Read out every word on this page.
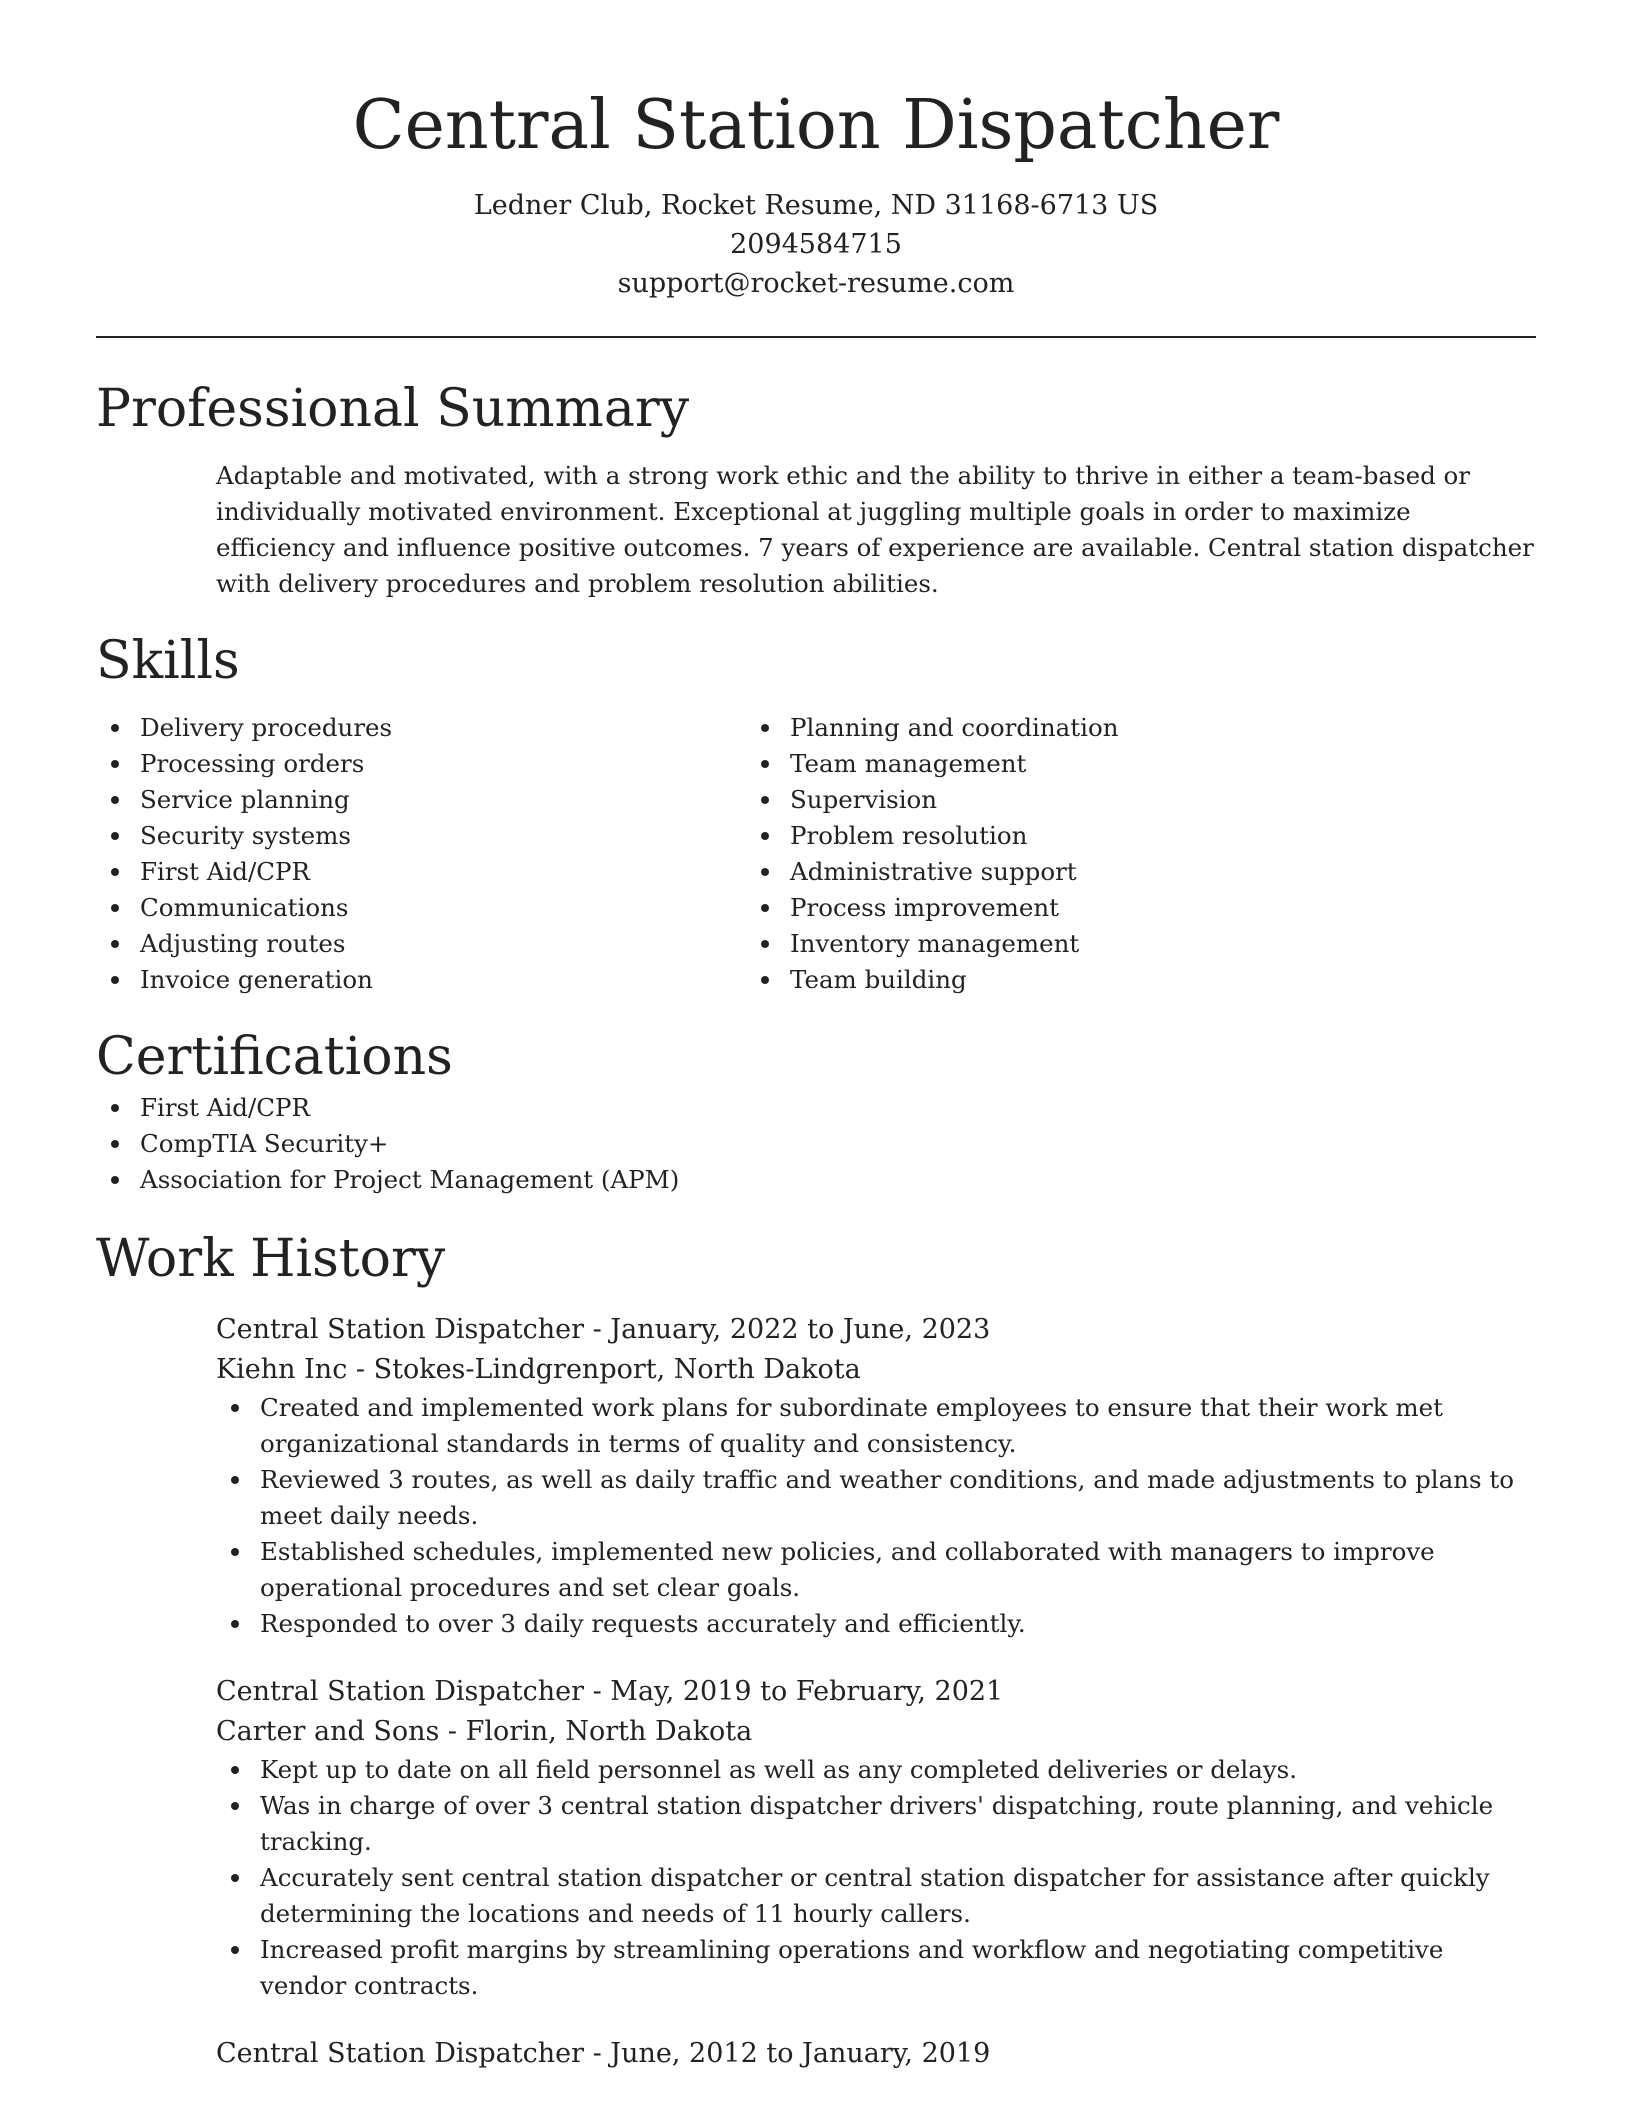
Central Station Dispatcher

Ledner Club, Rocket Resume, ND 31168-6713 US

2094584715

support@rocket-resume.com

Professional Summary

Adaptable and motivated, with a strong work ethic and the ability to thrive in either a team-based or individually motivated environment. Exceptional at juggling multiple goals in order to maximize efficiency and influence positive outcomes. 7 years of experience are available. Central station dispatcher with delivery procedures and problem resolution abilities.

Skills
Delivery procedures
Processing orders
Service planning
Security systems
First Aid/CPR
Communications
Adjusting routes
Invoice generation
Planning and coordination
Team management
Supervision
Problem resolution
Administrative support
Process improvement
Inventory management
Team building
Certifications
First Aid/CPR
CompTIA Security+
Association for Project Management (APM)
Work History

Central Station Dispatcher - January, 2022 to June, 2023

Kiehn Inc - Stokes-Lindgrenport, North Dakota

Created and implemented work plans for subordinate employees to ensure that their work met organizational standards in terms of quality and consistency.
Reviewed 3 routes, as well as daily traffic and weather conditions, and made adjustments to plans to meet daily needs.
Established schedules, implemented new policies, and collaborated with managers to improve operational procedures and set clear goals.
Responded to over 3 daily requests accurately and efficiently.

Central Station Dispatcher - May, 2019 to February, 2021

Carter and Sons - Florin, North Dakota

Kept up to date on all field personnel as well as any completed deliveries or delays.
Was in charge of over 3 central station dispatcher drivers' dispatching, route planning, and vehicle tracking.
Accurately sent central station dispatcher or central station dispatcher for assistance after quickly determining the locations and needs of 11 hourly callers.
Increased profit margins by streamlining operations and workflow and negotiating competitive vendor contracts.

Central Station Dispatcher - June, 2012 to January, 2019
